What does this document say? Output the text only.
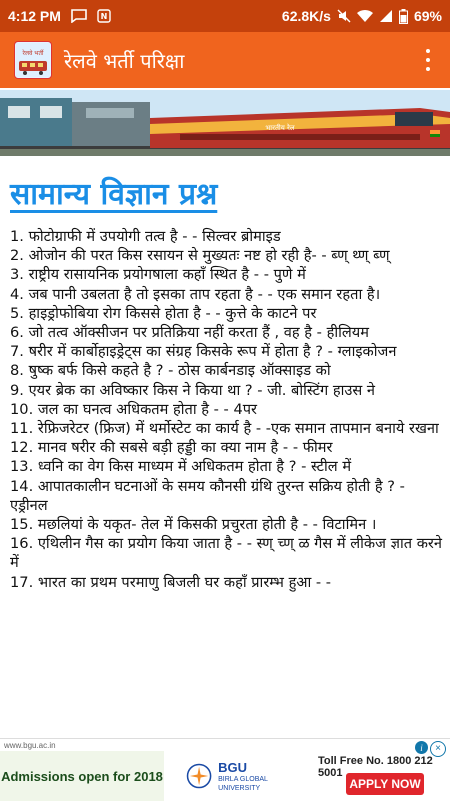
4:12 PM	N	62.8K/s	69%
रेलवे भर्ती रेलवे भर्ती परिक्षा
भारतीय रेल
सामान्य विज्ञान प्रश्न
1. फोटोग्राफी में उपयोगी तत्व है - - सिल्वर ब्रोमाइड
2. ओजोन की परत किस रसायन से मुख्यतः नष्ट हो रही है- - ब्ण् थ्ण् ब्ण्
3. राष्ट्रीय रासायनिक प्रयोगषाला कहॉं स्थित है - - पुणे में
4. जब पानी उबलता है तो इसका ताप रहता है - - एक समान रहता है।
5. हाइड्रोफोबिया रोग किससे होता है - - कुत्ते के काटने पर
6. जो तत्व ऑक्सीजन पर प्रतिक्रिया नहीं करता हैं , वह है - हीलियम
7. षरीर में कार्बोहाइड्रेट्स का संग्रह किसके रूप में होता है ? - ग्लाइकोजन
8. षुष्क बर्फ किसे कहते है ? - ठोस कार्बनडाइ ऑक्साइड को
9. एयर ब्रेक का अविष्कार किस ने किया था ? - जी. बोस्टिंग हाउस ने
10. जल का घनत्व अधिकतम होता है - - 4पर
11. रेफ्रिजरेटर (फ्रिज) में थर्मोस्टेट का कार्य है - -एक समान तापमान बनाये रखना
12. मानव षरीर की सबसे बड़ी हड्डी का क्या नाम है - - फीमर
13. ध्वनि का वेग किस माध्यम में अधिकतम होता है ? - स्टील में
14. आपातकालीन घटनाओं के समय कौनसी ग्रंथि तुरन्त सक्रिय होती है ? - एड्रीनल
15. मछलियां के यकृत- तेल में किसकी प्रचुरता होती है - - विटामिन ।
16. एथिलीन गैस का प्रयोग किया जाता है - - स्ण् च्ण् ळ गैस में लीकेज ज्ञात करने में
17. भारत का प्रथम परमाणु बिजली घर कहाँ प्रारम्भ हुआ - -
www.bgu.ac.in
Admissions open for 2018
BGU
BIRLA GLOBAL UNIVERSITY
Toll Free No. 1800 212 5001
APPLY NOW
i	×
